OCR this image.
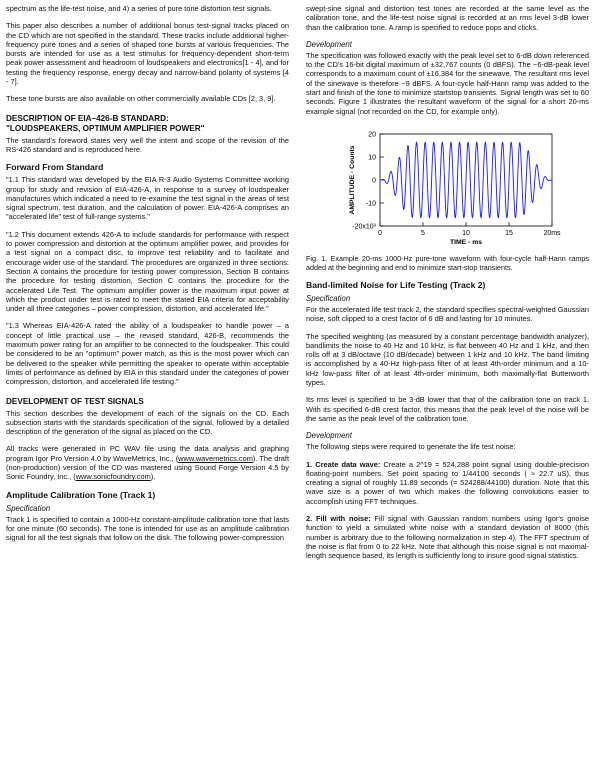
spectrum as the life-test noise, and 4) a series of pure tone distortion test signals.

This paper also describes a number of additional bonus test-signal tracks placed on the CD which are not specified in the standard. These tracks include additional higher-frequency pure tones and a series of shaped tone bursts at various frequencies. The bursts are intended for use as a test stimulus for frequency-dependent short-term peak power assessment and headroom of loudspeakers and electronics[1 - 4], and for testing the frequency response, energy decay and narrow-band polarity of systems [4 - 7].

These tone bursts are also available on other commercially available CDs [2, 3, 9].

DESCRIPTION OF EIA–426-B STANDARD:
"LOUDSPEAKERS, OPTIMUM AMPLIFIER POWER"

The standard's foreword states very well the intent and scope of the revision of the RS-426 standard and is reproduced here.

Forward From Standard

"1.1 This standard was developed by the EIA R-3 Audio Systems Committee working group for study and revision of EIA-426-A, in response to a survey of loudspeaker manufactures which indicated a need to re-examine the test signal in the areas of test signal spectrum, test duration, and the calculation of power. EIA-426-A comprises an "accelerated life" test of full-range systems."

"1.2 This document extends 426-A to include standards for performance with respect to power compression and distortion at the optimum amplifier power, and provides for a test signal on a compact disc, to improve test reliability and to facilitate and encourage wider use of the standard. The procedures are organized in three sections: Section A contains the procedure for testing power compression, Section B contains the procedure for testing distortion, Section C contains the procedure for the accelerated Life Test. The optimum amplifier power is the maximum input power at which the product under test is rated to meet the stated EIA criteria for acceptability under all three categories – power compression, distortion, and accelerated life."

"1.3 Whereas EIA-426-A rated the ability of a loudspeaker to handle power – a concept of little practical use – the revised standard, 426-B, recommends the maximum power rating for an amplifier to be connected to the loudspeaker. This could be considered to be an "optimum" power match, as this is the most power which can be delivered to the speaker while permitting the speaker to operate within acceptable limits of performance as defined by EIA in this standard under the categories of power compression, distortion, and accelerated life testing."

DEVELOPMENT OF TEST SIGNALS

This section describes the development of each of the signals on the CD. Each subsection starts with the standards specification of the signal, followed by a detailed description of the generation of the signal as placed on the CD.

All tracks were generated in PC WAV file using the data analysis and graphing program Igor Pro Version 4.0 by WaveMetrics, Inc., (www.wavemetrics.com). The draft (non-production) version of the CD was mastered using Sound Forge Version 4.5 by Sonic Foundry, Inc., (www.sonicfoundry.com).

Amplitude Calibration Tone (Track 1)
Specification

Track 1 is specified to contain a 1000-Hz constant-amplitude calibration tone that lasts for one minute (60 seconds). The tone is intended for use as an amplitude calibration signal for all the test signals that follow on the disk. The following power-compression

swept-sine signal and distortion test tones are recorded at the same level as the calibration tone, and the life-test noise signal is recorded at an rms level 3-dB lower than the calibration tone. A ramp is specified to reduce pops and clicks.

Development

The specification was followed exactly with the peak level set to 6-dB down referenced to the CD's 16-bit digital maximum of ±32,767 counts (0 dBFS). The −6-dB-peak level corresponds to a maximum count of ±16,384 for the sinewave. The resultant rms level of the sinewave is therefore −9 dBFS. A four-cycle half-Hann ramp was added to the start and finish of the tone to minimize startstop transients. Signal length was set to 60 seconds. Figure 1 illustrates the resultant waveform of the signal for a short 20-ms example signal (not recorded on the CD, for example only).

20
10
0
-10
-20x10³
0	5	10	15	20ms
TIME - ms
AMPLITUDE · Counts

Fig. 1. Example 20-ms 1000-Hz pure-tone waveform with four-cycle half-Hann ramps added at the beginning and end to minimize start-stop transients.

Band-limited Noise for Life Testing (Track 2)
Specification

For the accelerated life test track 2, the standard specifies spectral-weighted Gaussian noise, soft clipped to a crest factor of 6 dB and lasting for 10 minutes.

The specified weighting (as measured by a constant percentage bandwidth analyzer), bandlimits the noise to 40 Hz and 10 kHz, is flat between 40 Hz and 1 kHz, and then rolls off at 3 dB/octave (10 dB/decade) between 1 kHz and 10 kHz. The band limiting is accomplished by a 40-Hz high-pass filter of at least 4th-order minimum and a 10-kHz low-pass filter of at least 4th-order minimum, both maximally-flat Butterworth types.

Its rms level is specified to be 3-dB lower that that of the calibration tone on track 1. With its specified 6-dB crest factor, this means that the peak level of the noise will be the same as the peak level of the calibration tone.

Development

The following steps were required to generate the life test noise:

1. Create data wave: Create a 2^19 = 524,288 point signal using double-precision floating-point numbers. Set point spacing to 1/44100 seconds ( ≈ 22.7 uS), thus creating a signal of roughly 11.89 seconds (= 524288/44100) duration. Note that this wave size is a power of two which makes the following convolutions easier to accomplish using FFT techniques.

2. Fill with noise: Fill signal with Gaussian random numbers using Igor's gnoise function to yield a simulated white noise with a standard deviation of 8000 (this number is arbitrary due to the following normalization in step 4). The FFT spectrum of the noise is flat from 0 to 22 kHz. Note that although this noise signal is not maximal-length sequence based, its length is sufficiently long to insure good signal statistics.
